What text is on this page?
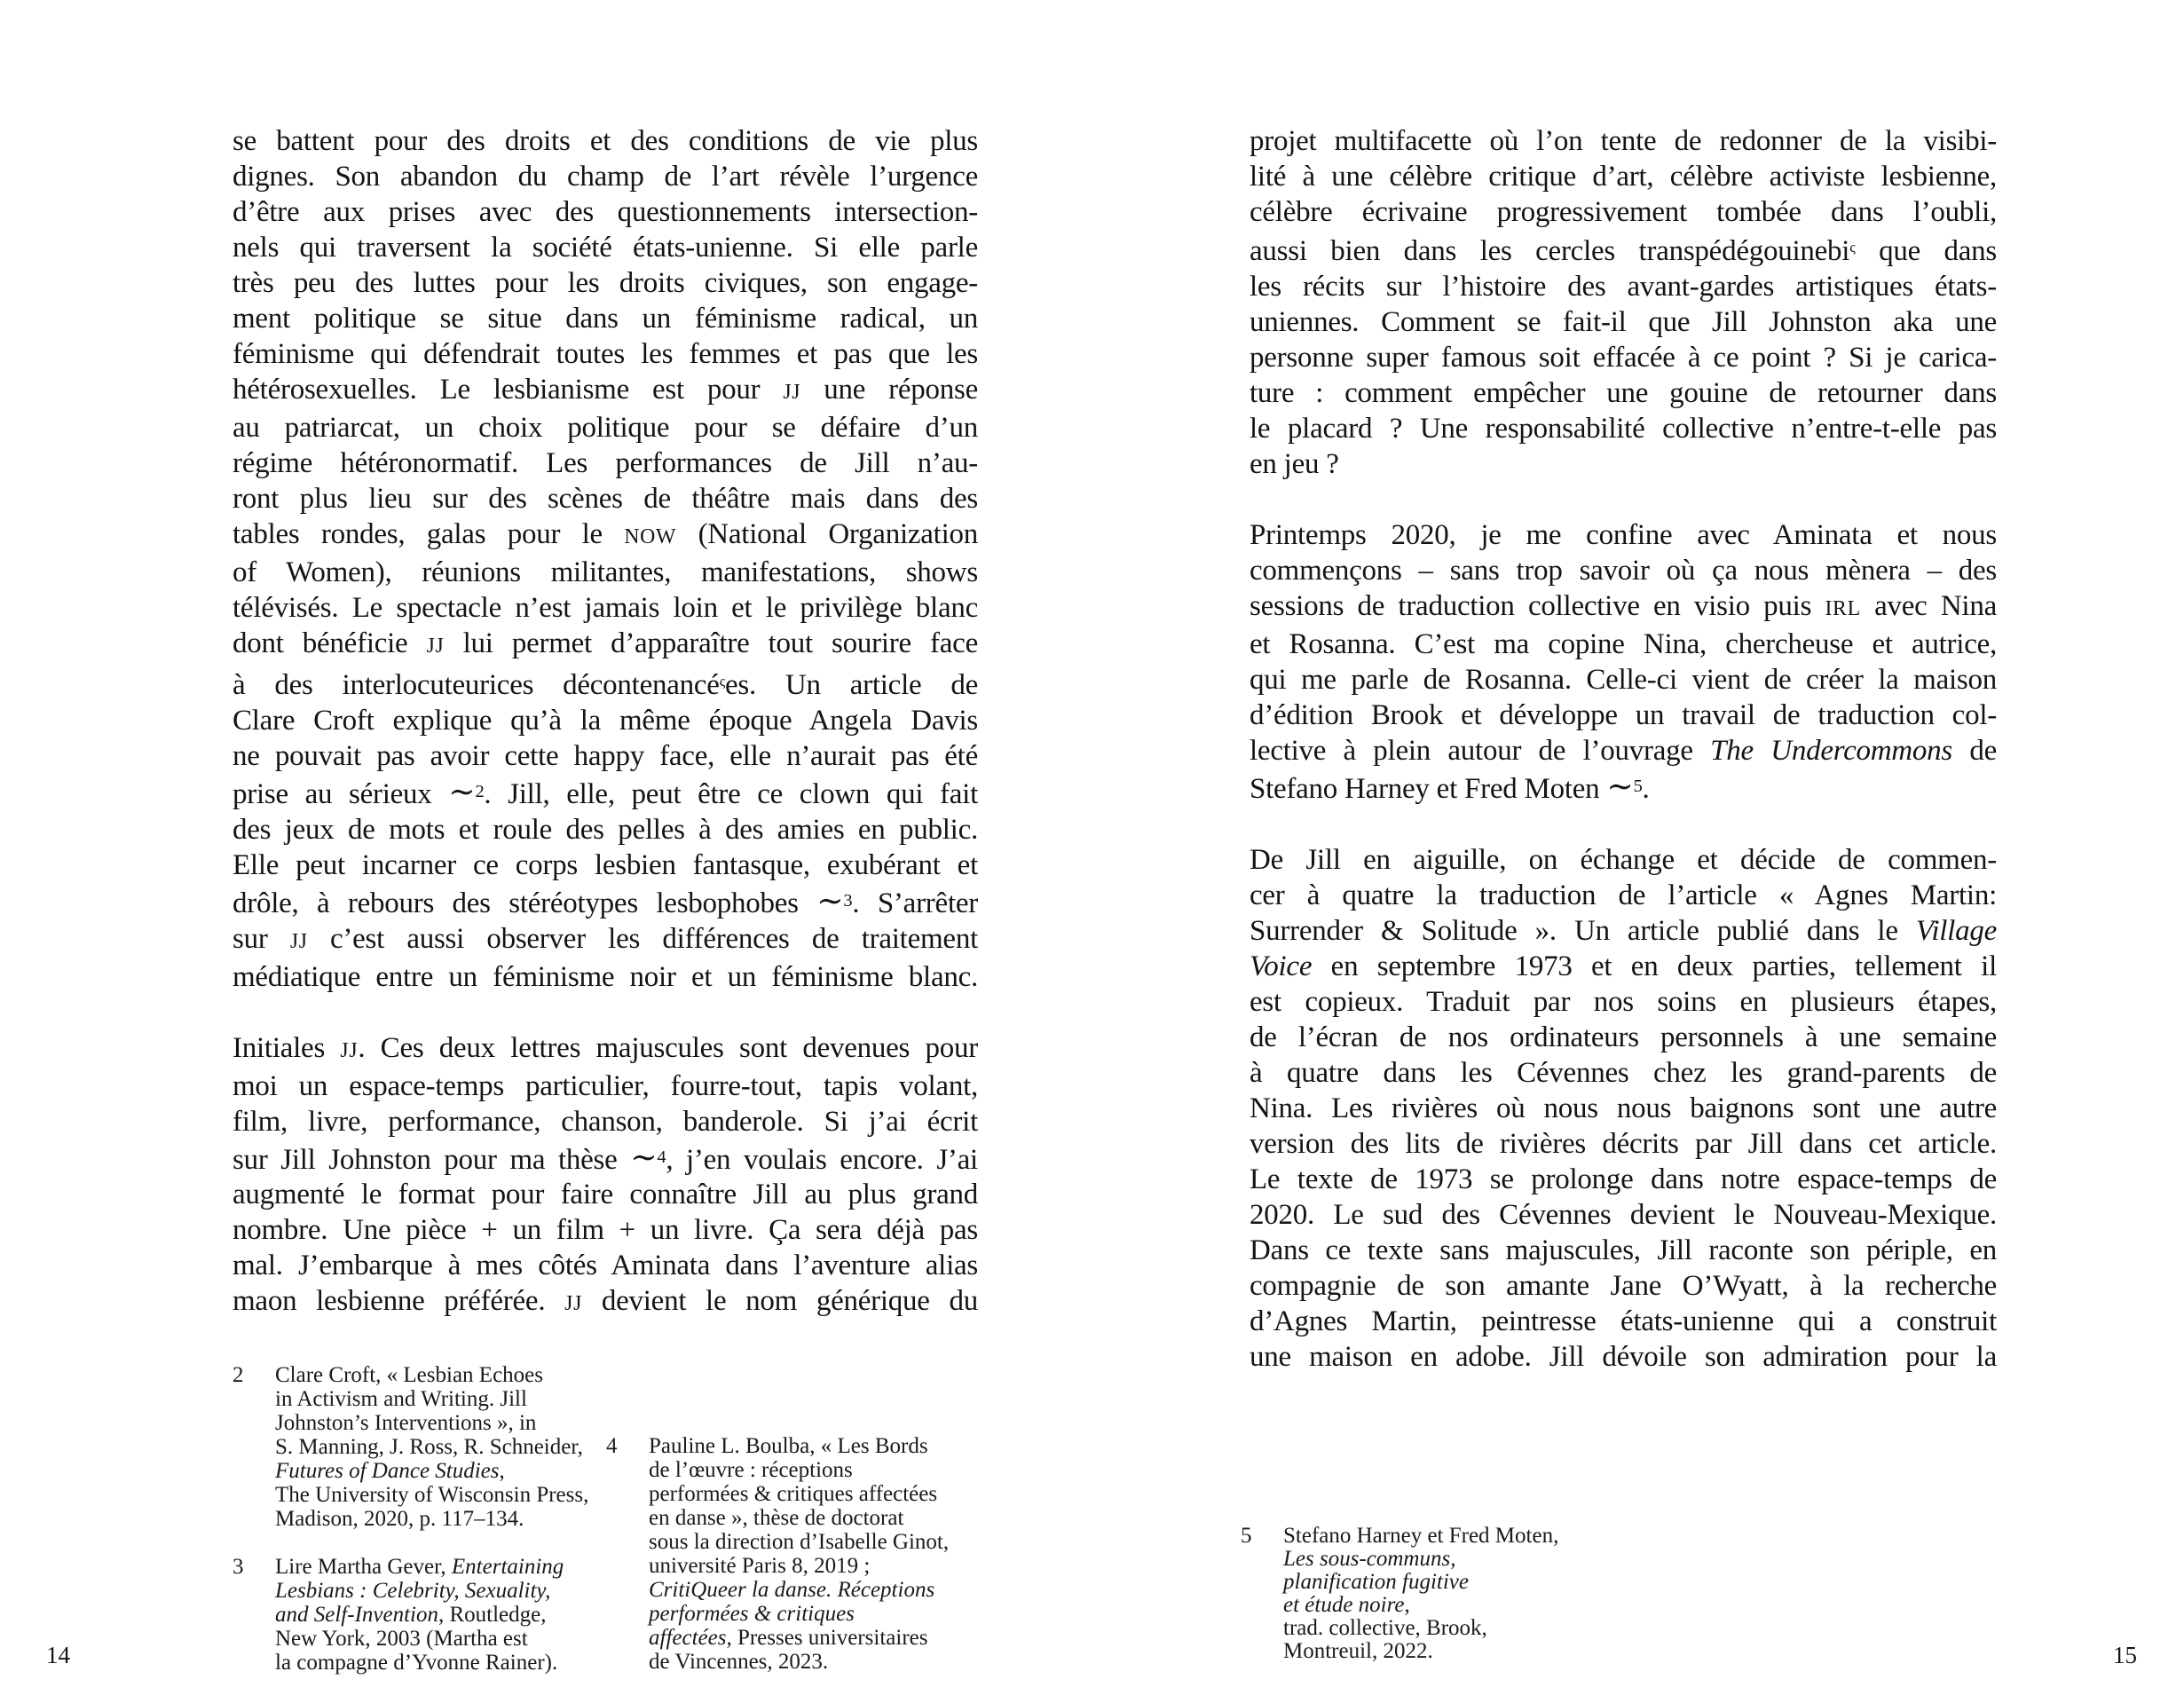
se battent pour des droits et des conditions de vie plus
dignes. Son abandon du champ de l’art révèle l’urgence
d’être aux prises avec des questionnements intersection-
nels qui traversent la société états-unienne. Si elle parle
très peu des luttes pour les droits civiques, son engage-
ment politique se situe dans un féminisme radical, un
féminisme qui défendrait toutes les femmes et pas que les
hétérosexuelles. Le lesbianisme est pour JJ une réponse
au patriarcat, un choix politique pour se défaire d’un
régime hétéronormatif. Les performances de Jill n’au-
ront plus lieu sur des scènes de théâtre mais dans des
tables rondes, galas pour le NOW (National Organization
of Women), réunions militantes, manifestations, shows
télévisés. Le spectacle n’est jamais loin et le privilège blanc
dont bénéficie JJ lui permet d’apparaître tout sourire face
à des interlocuteurices décontenancé$^\varsigma$es. Un article de
Clare Croft explique qu’à la même époque Angela Davis
ne pouvait pas avoir cette happy face, elle n’aurait pas été
prise au sérieux ∼$^2$. Jill, elle, peut être ce clown qui fait
des jeux de mots et roule des pelles à des amies en public.
Elle peut incarner ce corps lesbien fantasque, exubérant et
drôle, à rebours des stéréotypes lesbophobes ∼$^3$. S’arrêter
sur JJ c’est aussi observer les différences de traitement
médiatique entre un féminisme noir et un féminisme blanc.
Initiales JJ. Ces deux lettres majuscules sont devenues pour
moi un espace-temps particulier, fourre-tout, tapis volant,
film, livre, performance, chanson, banderole. Si j’ai écrit
sur Jill Johnston pour ma thèse ∼$^4$, j’en voulais encore. J’ai
augmenté le format pour faire connaître Jill au plus grand
nombre. Une pièce + un film + un livre. Ça sera déjà pas
mal. J’embarque à mes côtés Aminata dans l’aventure alias
maon lesbienne préférée. JJ devient le nom générique du
2	Clare Croft, « Lesbian Echoes
in Activism and Writing. Jill
Johnston’s Interventions », in
S. Manning, J. Ross, R. Schneider,
Futures of Dance Studies,
The University of Wisconsin Press,
Madison, 2020, p. 117–134.
3	Lire Martha Gever, Entertaining
Lesbians : Celebrity, Sexuality,
and Self-Invention, Routledge,
New York, 2003 (Martha est
la compagne d’Yvonne Rainer).
4	Pauline L. Boulba, « Les Bords
de l’œuvre : réceptions
performées & critiques affectées
en danse », thèse de doctorat
sous la direction d’Isabelle Ginot,
université Paris 8, 2019 ;
CritiQueer la danse. Réceptions
performées & critiques
affectées, Presses universitaires
de Vincennes, 2023.
14
projet multifacette où l’on tente de redonner de la visibi-
lité à une célèbre critique d’art, célèbre activiste lesbienne,
célèbre écrivaine progressivement tombée dans l’oubli,
aussi bien dans les cercles transpédégouinebi$^\varsigma$ que dans
les récits sur l’histoire des avant-gardes artistiques états-
uniennes. Comment se fait-il que Jill Johnston aka une
personne super famous soit effacée à ce point ? Si je carica-
ture : comment empêcher une gouine de retourner dans
le placard ? Une responsabilité collective n’entre-t-elle pas
en jeu ?
Printemps 2020, je me confine avec Aminata et nous
commençons – sans trop savoir où ça nous mènera – des
sessions de traduction collective en visio puis IRL avec Nina
et Rosanna. C’est ma copine Nina, chercheuse et autrice,
qui me parle de Rosanna. Celle-ci vient de créer la maison
d’édition Brook et développe un travail de traduction col-
lective à plein autour de l’ouvrage The Undercommons de
Stefano Harney et Fred Moten ∼$^5$.
De Jill en aiguille, on échange et décide de commen-
cer à quatre la traduction de l’article « Agnes Martin:
Surrender & Solitude ». Un article publié dans le Village
Voice en septembre 1973 et en deux parties, tellement il
est copieux. Traduit par nos soins en plusieurs étapes,
de l’écran de nos ordinateurs personnels à une semaine
à quatre dans les Cévennes chez les grand-parents de
Nina. Les rivières où nous nous baignons sont une autre
version des lits de rivières décrits par Jill dans cet article.
Le texte de 1973 se prolonge dans notre espace-temps de
2020. Le sud des Cévennes devient le Nouveau-Mexique.
Dans ce texte sans majuscules, Jill raconte son périple, en
compagnie de son amante Jane O’Wyatt, à la recherche
d’Agnes Martin, peintresse états-unienne qui a construit
une maison en adobe. Jill dévoile son admiration pour la
5	Stefano Harney et Fred Moten,
Les sous-communs,
planification fugitive
et étude noire,
trad. collective, Brook,
Montreuil, 2022.	15
